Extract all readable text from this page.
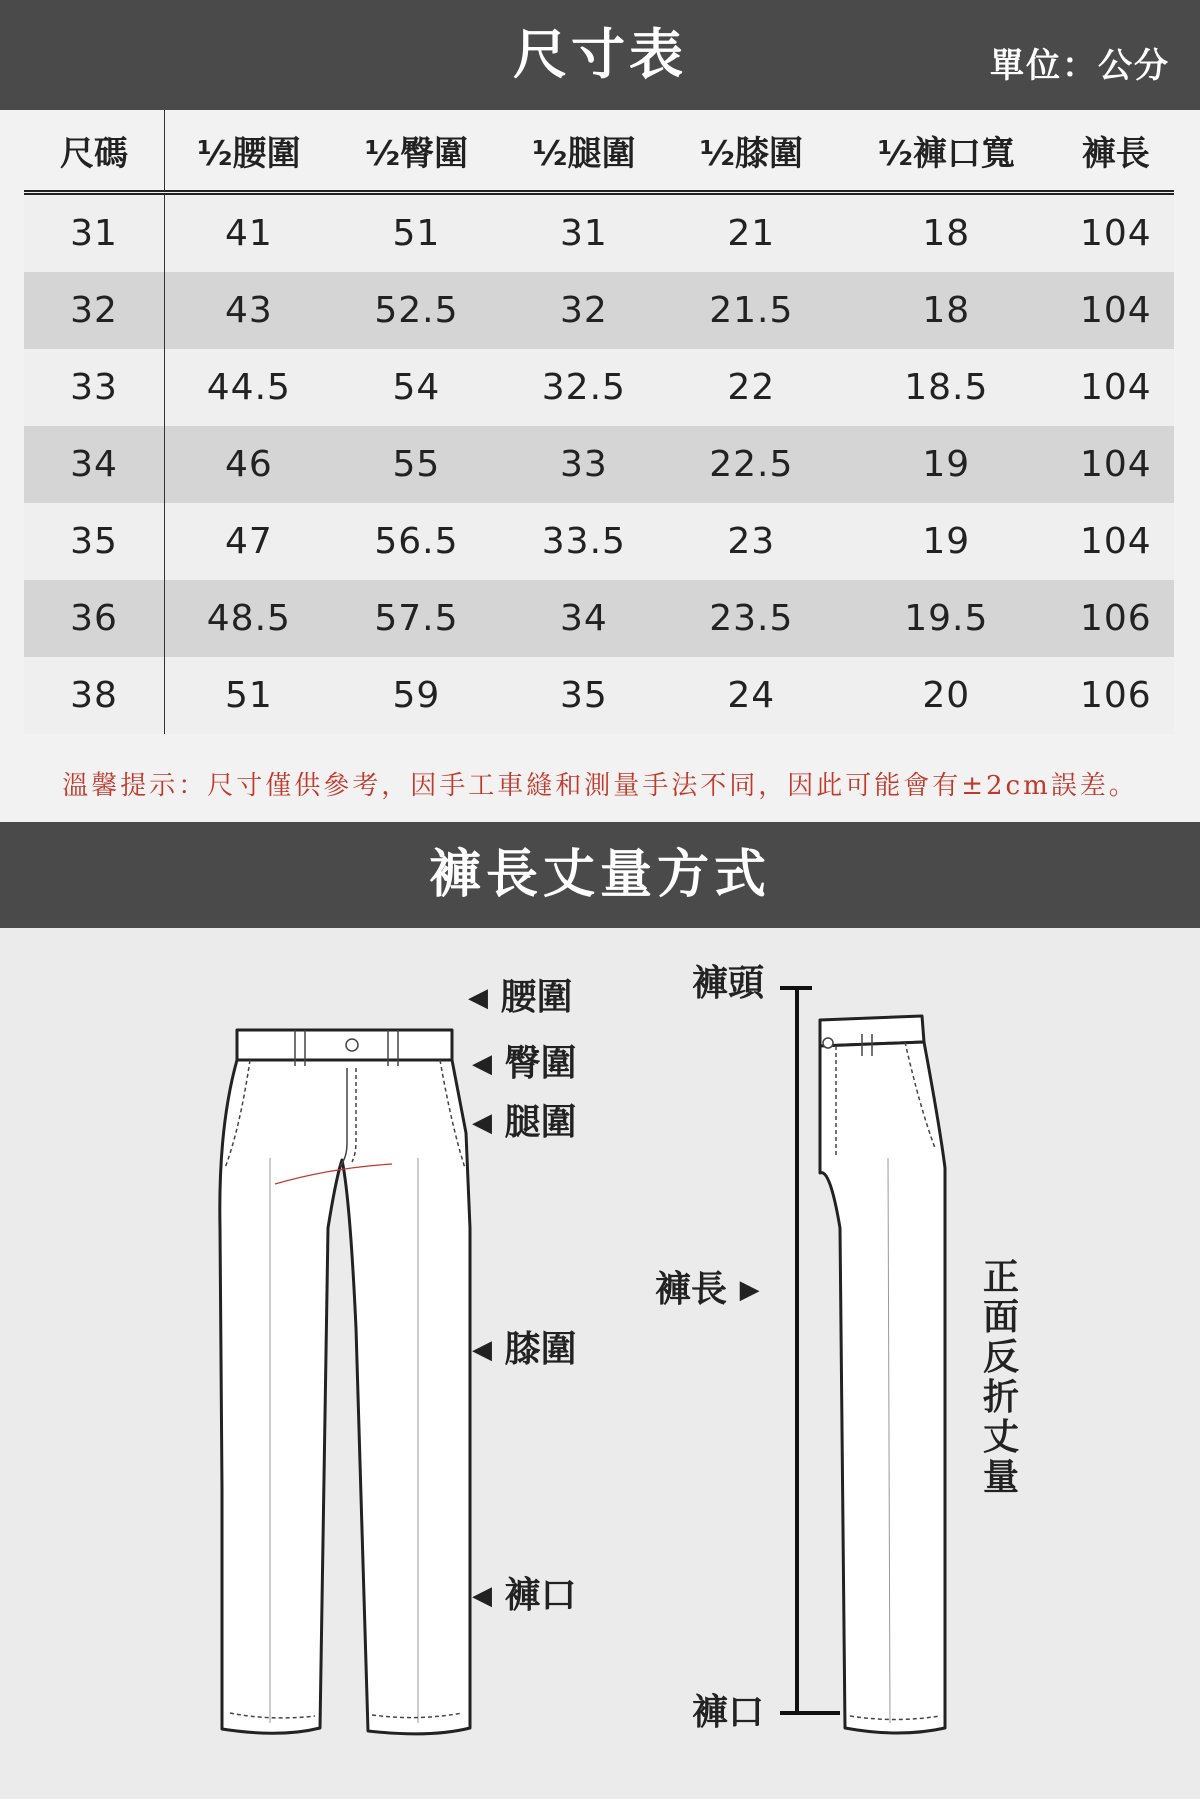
尺寸表	單位：公分
尺碼	½腰圍	½臀圍	½腿圍	½膝圍	½褲口寬	褲長
31	41	51	31	21	18	104
32	43	52.5	32	21.5	18	104
33	44.5	54	32.5	22	18.5	104
34	46	55	33	22.5	19	104
35	47	56.5	33.5	23	19	104
36	48.5	57.5	34	23.5	19.5	106
38	51	59	35	24	20	106
溫馨提示：尺寸僅供參考，因手工車縫和測量手法不同，因此可能會有±2cm誤差。
褲長丈量方式
◀ 腰圍
◀ 臀圍
◀ 腿圍
◀ 膝圍
◀ 褲口
褲頭
褲長 ▶
褲口
正
面
反
折
丈
量
